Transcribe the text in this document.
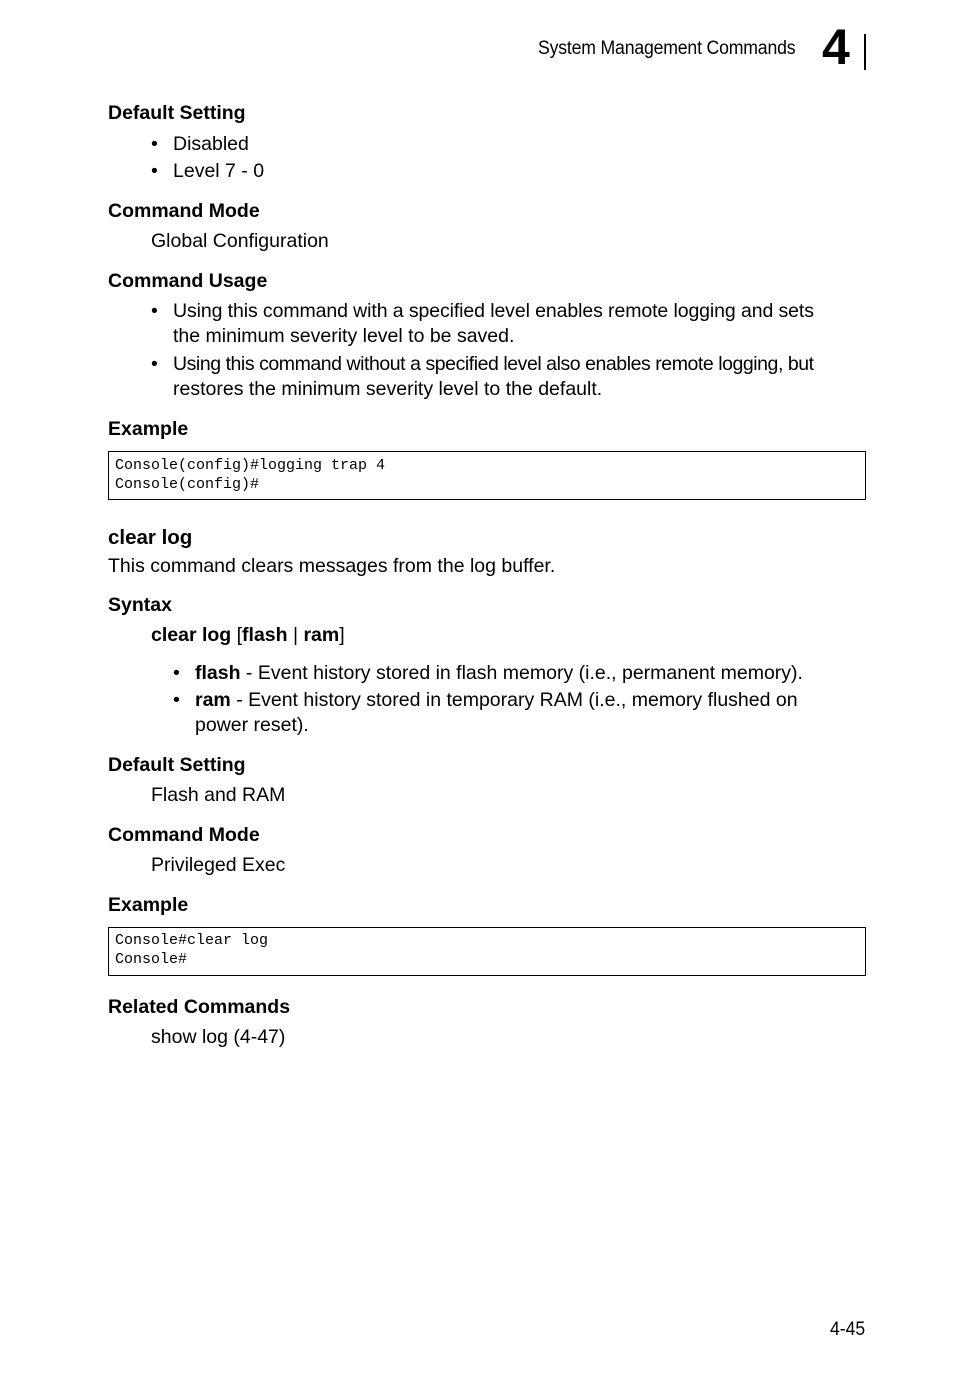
System Management Commands 4
Default Setting
• Disabled
• Level 7 - 0
Command Mode
Global Configuration
Command Usage
• Using this command with a specified level enables remote logging and sets
the minimum severity level to be saved.
• Using this command without a specified level also enables remote logging, but
restores the minimum severity level to the default.
Example
Console(config)#logging trap 4
Console(config)#
clear log
This command clears messages from the log buffer.
Syntax
clear log [flash | ram]
• flash - Event history stored in flash memory (i.e., permanent memory).
• ram - Event history stored in temporary RAM (i.e., memory flushed on
power reset).
Default Setting
Flash and RAM
Command Mode
Privileged Exec
Example
Console#clear log
Console#
Related Commands
show log (4-47)
4-45
